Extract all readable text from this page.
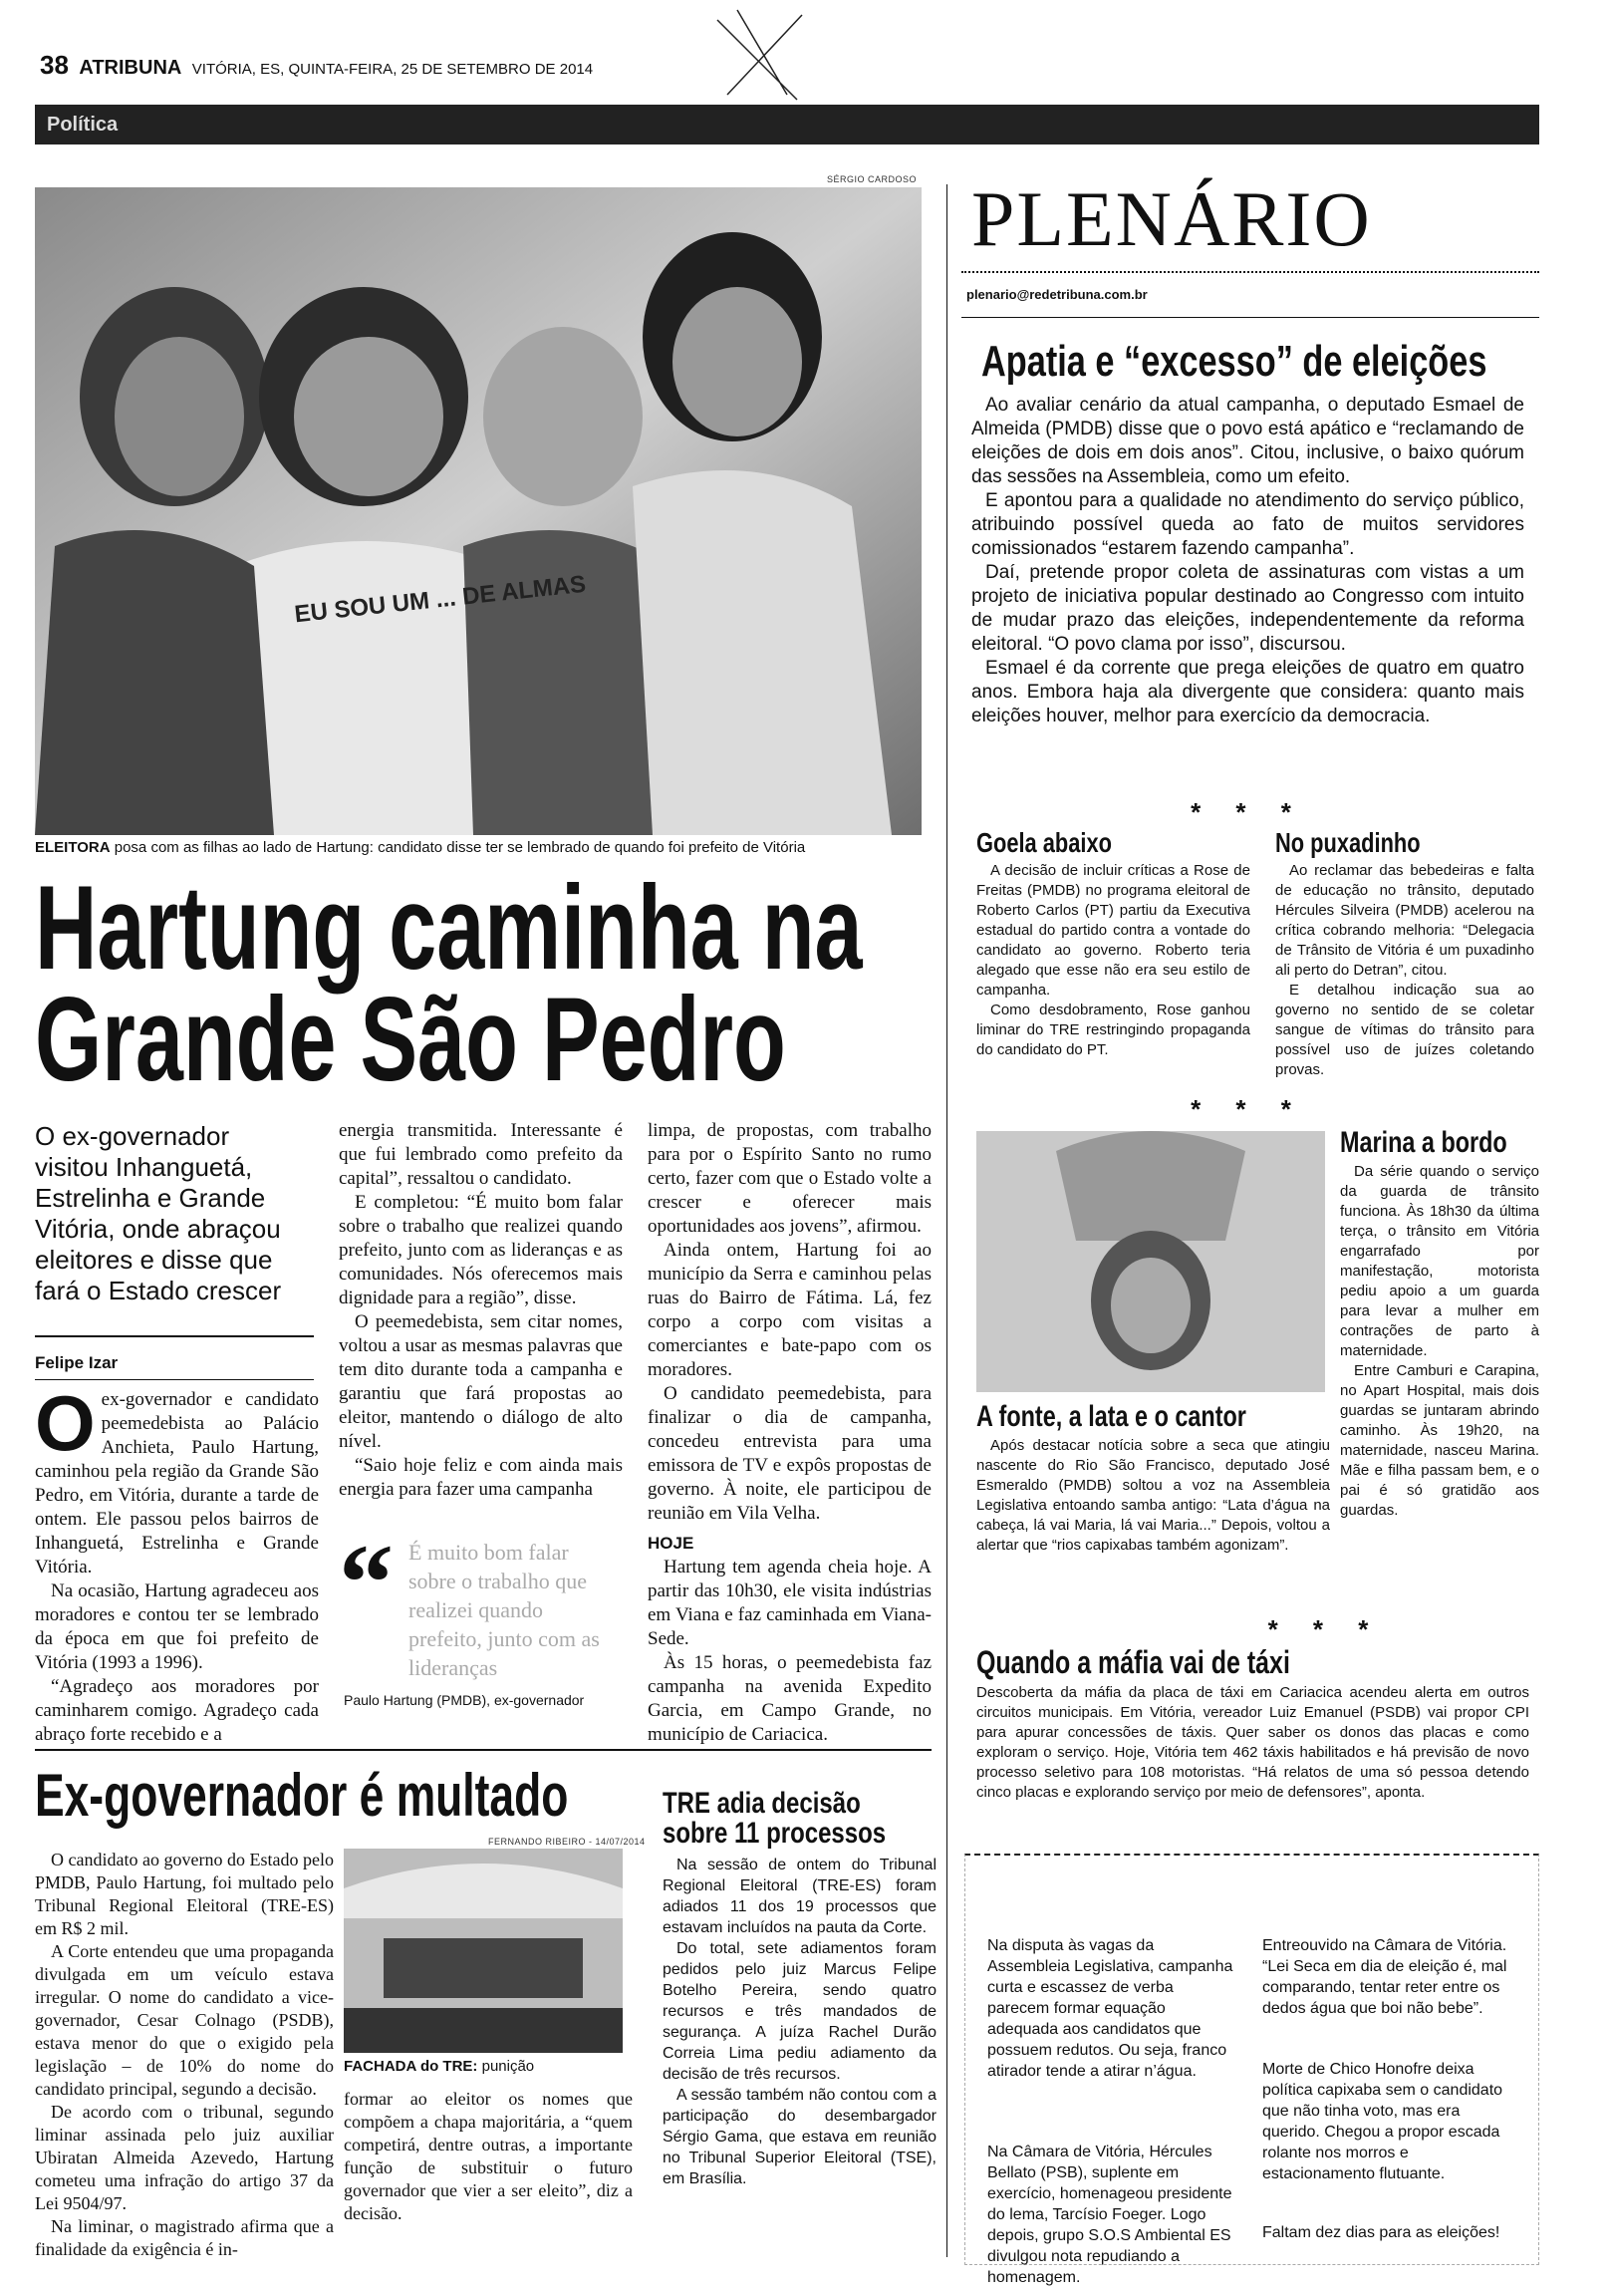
38 ATRIBUNA VITÓRIA, ES, QUINTA-FEIRA, 25 DE SETEMBRO DE 2014
Política
SÉRGIO CARDOSO
EU SOU UM ... DE ALMAS
ELEITORA posa com as filhas ao lado de Hartung: candidato disse ter se lembrado de quando foi prefeito de Vitória
Hartung caminha na
Grande São Pedro
O ex-governador visitou Inhanguetá, Estrelinha e Grande Vitória, onde abraçou eleitores e disse que fará o Estado crescer
Felipe Izar
O ex-governador e candidato peemedebista ao Palácio Anchieta, Paulo Hartung, caminhou pela região da Grande São Pedro, em Vitória, durante a tarde de ontem. Ele passou pelos bairros de Inhanguetá, Estrelinha e Grande Vitória.

Na ocasião, Hartung agradeceu aos moradores e contou ter se lembrado da época em que foi prefeito de Vitória (1993 a 1996).

“Agradeço aos moradores por caminharem comigo. Agradeço cada abraço forte recebido e a

energia transmitida. Interessante é que fui lembrado como prefeito da capital”, ressaltou o candidato.

E completou: “É muito bom falar sobre o trabalho que realizei quando prefeito, junto com as lideranças e as comunidades. Nós oferecemos mais dignidade para a região”, disse.

O peemedebista, sem citar nomes, voltou a usar as mesmas palavras que tem dito durante toda a campanha e garantiu que fará propostas ao eleitor, mantendo o diálogo de alto nível.

“Saio hoje feliz e com ainda mais energia para fazer uma campanha

“ É muito bom falar sobre o trabalho que realizei quando prefeito, junto com as lideranças
Paulo Hartung (PMDB), ex-governador

limpa, de propostas, com trabalho para por o Espírito Santo no rumo certo, fazer com que o Estado volte a crescer e oferecer mais oportunidades aos jovens”, afirmou.

Ainda ontem, Hartung foi ao município da Serra e caminhou pelas ruas do Bairro de Fátima. Lá, fez corpo a corpo com visitas a comerciantes e bate-papo com os moradores.

O candidato peemedebista, para finalizar o dia de campanha, concedeu entrevista para uma emissora de TV e expôs propostas de governo. À noite, ele participou de reunião em Vila Velha.

HOJE

Hartung tem agenda cheia hoje. A partir das 10h30, ele visita indústrias em Viana e faz caminhada em Viana-Sede.

Às 15 horas, o peemedebista faz campanha na avenida Expedito Garcia, em Campo Grande, no município de Cariacica.

Ex-governador é multado

O candidato ao governo do Estado pelo PMDB, Paulo Hartung, foi multado pelo Tribunal Regional Eleitoral (TRE-ES) em R$ 2 mil.

A Corte entendeu que uma propaganda divulgada em um veículo estava irregular. O nome do candidato a vice-governador, Cesar Colnago (PSDB), estava menor do que o exigido pela legislação – de 10% do nome do candidato principal, segundo a decisão.

De acordo com o tribunal, segundo liminar assinada pelo juiz auxiliar Ubiratan Almeida Azevedo, Hartung cometeu uma infração do artigo 37 da Lei 9504/97.

Na liminar, o magistrado afirma que a finalidade da exigência é in-

FERNANDO RIBEIRO - 14/07/2014
FACHADA do TRE: punição

formar ao eleitor os nomes que compõem a chapa majoritária, a “quem competirá, dentre outras, a importante função de substituir o futuro governador que vier a ser eleito”, diz a decisão.

TRE adia decisão
sobre 11 processos

Na sessão de ontem do Tribunal Regional Eleitoral (TRE-ES) foram adiados 11 dos 19 processos que estavam incluídos na pauta da Corte.

Do total, sete adiamentos foram pedidos pelo juiz Marcus Felipe Botelho Pereira, sendo quatro recursos e três mandados de segurança. A juíza Rachel Durão Correia Lima pediu adiamento da decisão de três recursos.

A sessão também não contou com a participação do desembargador Sérgio Gama, que estava em reunião no Tribunal Superior Eleitoral (TSE), em Brasília.

PLENÁRIO
plenario@redetribuna.com.br
Apatia e “excesso” de eleições

Ao avaliar cenário da atual campanha, o deputado Esmael de Almeida (PMDB) disse que o povo está apático e “reclamando de eleições de dois em dois anos”. Citou, inclusive, o baixo quórum das sessões na Assembleia, como um efeito.

E apontou para a qualidade no atendimento do serviço público, atribuindo possível queda ao fato de muitos servidores comissionados “estarem fazendo campanha”.

Daí, pretende propor coleta de assinaturas com vistas a um projeto de iniciativa popular destinado ao Congresso com intuito de mudar prazo das eleições, independentemente da reforma eleitoral. “O povo clama por isso”, discursou.

Esmael é da corrente que prega eleições de quatro em quatro anos. Embora haja ala divergente que considera: quanto mais eleições houver, melhor para exercício da democracia.

* * *
Goela abaixo

A decisão de incluir críticas a Rose de Freitas (PMDB) no programa eleitoral de Roberto Carlos (PT) partiu da Executiva estadual do partido contra a vontade do candidato ao governo. Roberto teria alegado que esse não era seu estilo de campanha.

Como desdobramento, Rose ganhou liminar do TRE restringindo propaganda do candidato do PT.

No puxadinho

Ao reclamar das bebedeiras e falta de educação no trânsito, deputado Hércules Silveira (PMDB) acelerou na crítica cobrando melhoria: “Delegacia de Trânsito de Vitória é um puxadinho ali perto do Detran”, citou.

E detalhou indicação sua ao governo no sentido de se coletar sangue de vítimas do trânsito para possível uso de juízes coletando provas.

* * *
A fonte, a lata e o cantor

Após destacar notícia sobre a seca que atingiu nascente do Rio São Francisco, deputado José Esmeraldo (PMDB) soltou a voz na Assembleia Legislativa entoando samba antigo: “Lata d’água na cabeça, lá vai Maria, lá vai Maria...” Depois, voltou a alertar que “rios capixabas também agonizam”.

Marina a bordo

Da série quando o serviço da guarda de trânsito funciona. Às 18h30 da última terça, o trânsito em Vitória engarrafado por manifestação, motorista pediu apoio a um guarda para levar a mulher em contrações de parto à maternidade.

Entre Camburi e Carapina, no Apart Hospital, mais dois guardas se juntaram abrindo caminho. Às 19h20, na maternidade, nasceu Marina. Mãe e filha passam bem, e o pai é só gratidão aos guardas.

* * *
Quando a máfia vai de táxi

Descoberta da máfia da placa de táxi em Cariacica acendeu alerta em outros circuitos municipais. Em Vitória, vereador Luiz Emanuel (PSDB) vai propor CPI para apurar concessões de táxis. Quer saber os donos das placas e como exploram o serviço. Hoje, Vitória tem 462 táxis habilitados e há previsão de novo processo seletivo para 108 motoristas. “Há relatos de uma só pessoa detendo cinco placas e explorando serviço por meio de defensores”, aponta.

Na disputa às vagas da Assembleia Legislativa, campanha curta e escassez de verba parecem formar equação adequada aos candidatos que possuem redutos. Ou seja, franco atirador tende a atirar n’água.
Na Câmara de Vitória, Hércules Bellato (PSB), suplente em exercício, homenageou presidente do lema, Tarcísio Foeger. Logo depois, grupo S.O.S Ambiental ES divulgou nota repudiando a homenagem.
Entreouvido na Câmara de Vitória. “Lei Seca em dia de eleição é, mal comparando, tentar reter entre os dedos água que boi não bebe”.
Morte de Chico Honofre deixa política capixaba sem o candidato que não tinha voto, mas era querido. Chegou a propor escada rolante nos morros e estacionamento flutuante.
Faltam dez dias para as eleições!
